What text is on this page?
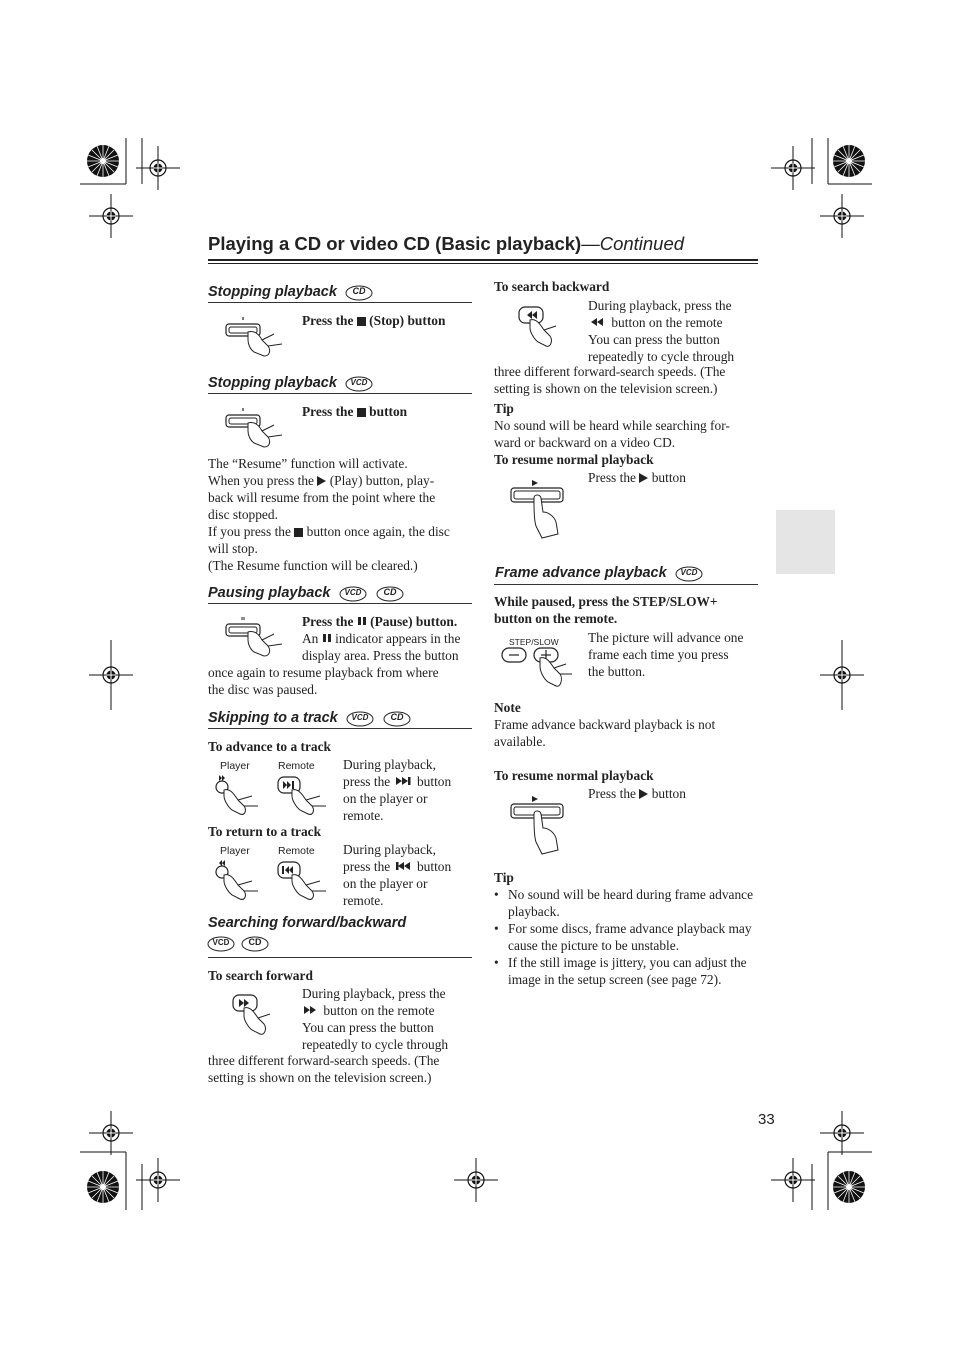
Playing a CD or video CD (Basic playback)—Continued
Stopping playback CD
Press the (Stop) button
Stopping playback VCD
Press the button
The “Resume” function will activate.
When you press the (Play) button, play-
back will resume from the point where the
disc stopped.
If you press the button once again, the disc
will stop.
(The Resume function will be cleared.)
Pausing playback VCD
CD
Press the (Pause) button.
An indicator appears in the
display area. Press the button
once again to resume playback from where
the disc was paused.
Skipping to a track VCD
CD
To advance to a track
Player	Remote During playback,
press the button
on the player or
remote.
To return to a track
Player	Remote During playback,
press the button
on the player or
remote.
Searching forward/backward
VCD
CD
To search forward
During playback, press the
button on the remote
You can press the button
repeatedly to cycle through
three different forward-search speeds. (The
setting is shown on the television screen.)
To search backward
During playback, press the
button on the remote
You can press the button
repeatedly to cycle through
three different forward-search speeds. (The
setting is shown on the television screen.)
Tip
No sound will be heard while searching for-
ward or backward on a video CD.
To resume normal playback
Press the button
Frame advance playback VCD
While paused, press the STEP/SLOW+
button on the remote.
STEP/SLOW The picture will advance one
frame each time you press
the button.
Note
Frame advance backward playback is not
available.
To resume normal playback
Press the button
Tip
• No sound will be heard during frame advance playback.
• For some discs, frame advance playback may cause the picture to be unstable.
• If the still image is jittery, you can adjust the image in the setup screen (see page 72).
33
